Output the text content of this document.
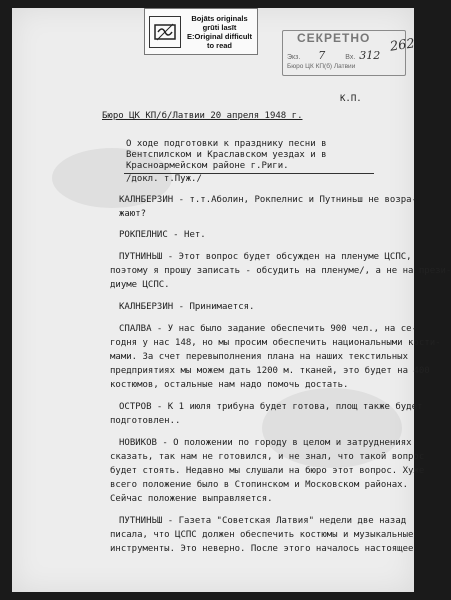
Bojāts originals
grūti lasīt
E:Original difficult
to read	СЕКРЕТНО
Экз. 7	Вх. 312
Бюро ЦК КП(б) Латвии
262
К.П.
Бюро ЦК КП/б/Латвии 20 апреля 1948 г.
О ходе подготовки к празднику песни в
Вентспилском и Крaславском уездах и в
Красноармейском районе г.Риги.
/докл. т.Пуж./
КАЛНБЕРЗИН - т.т.Аболин, Рокпелнис и Путниньш не возра-
жают?
РОКПЕЛНИС - Нет.
ПУТНИНЬШ - Этот вопрос будет обсужден на пленуме ЦСПС,
поэтому я прошу записать - обсудить на пленуме/, а не на прези-
диуме ЦСПС.
КАЛНБЕРЗИН - Принимается.
СПАЛВА - У нас было задание обеспечить 900 чел., на се-
годня у нас 148, но мы просим обеспечить национальными кости-
мами. За счет перевыполнения плана на наших текстильных
предприятиях мы можем дать 1200 м. тканей, это будет на 400
костюмов, остальные нам надо помочь достать.
ОСТРОВ - К 1 июля трибуна будет готова, площ также будет
подготовлен..
НОВИКОВ - О положении по городу в целом и затруднениях
сказать, так нам не готовился, и не знал, что такой вопрос
будет стоять. Недавно мы слушали на бюро этот вопрос. Хуже
всего положение было в Стопинском и Московском районах.
Сейчас положение выправляется.
ПУТНИНЬШ - Газета "Советская Латвия" недели две назад
писала, что ЦСПС должен обеспечить костюмы и музыкальные
инструменты. Это неверно. После этого началось настоящее
